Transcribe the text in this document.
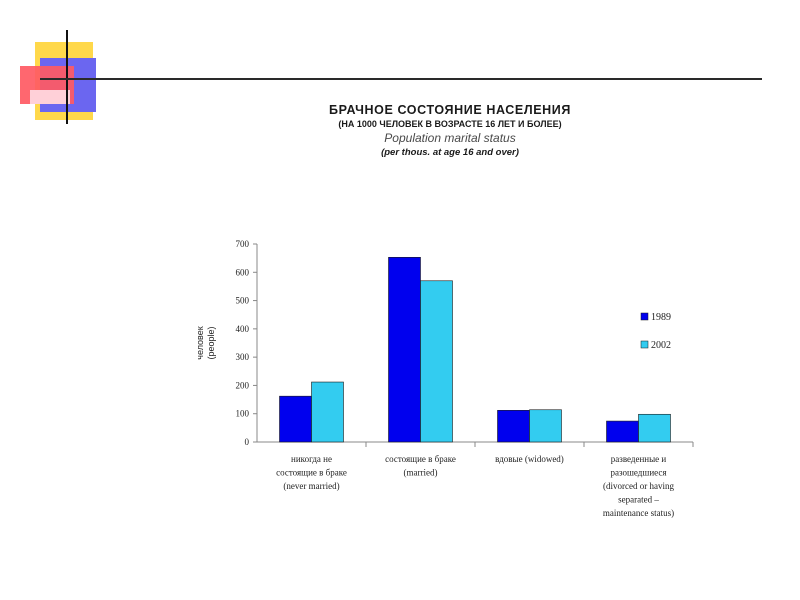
БРАЧНОЕ СОСТОЯНИЕ НАСЕЛЕНИЯ
(НА 1000 ЧЕЛОВЕК В ВОЗРАСТЕ 16 ЛЕТ И БОЛЕЕ)
Population marital status
(per thous. at age 16 and over)
0
100
200
300
400
500
600
700
человек (people)
никогда не
состоящие в браке
(never married)
состоящие в браке
(married)
вдовые (widowed)	разведенные и
разошедшиеся
(divorced or having
separated –
maintenance status)
1989
2002
